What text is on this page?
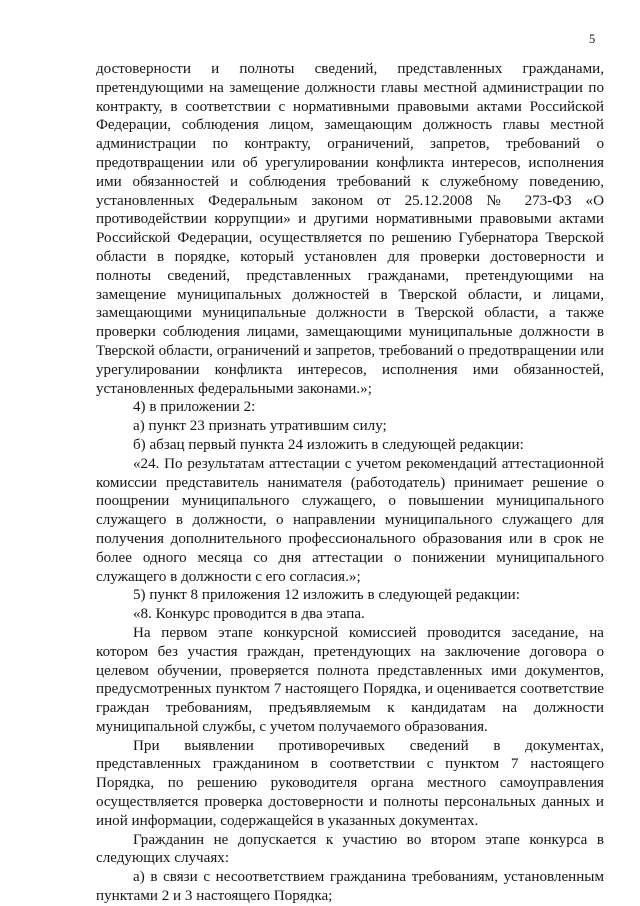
5

достоверности и полноты сведений, представленных гражданами, претендующими на замещение должности главы местной администрации по контракту, в соответствии с нормативными правовыми актами Российской Федерации, соблюдения лицом, замещающим должность главы местной администрации по контракту, ограничений, запретов, требований о предотвращении или об урегулировании конфликта интересов, исполнения ими обязанностей и соблюдения требований к служебному поведению, установленных Федеральным законом от 25.12.2008 № 273-ФЗ «О противодействии коррупции» и другими нормативными правовыми актами Российской Федерации, осуществляется по решению Губернатора Тверской области в порядке, который установлен для проверки достоверности и полноты сведений, представленных гражданами, претендующими на замещение муниципальных должностей в Тверской области, и лицами, замещающими муниципальные должности в Тверской области, а также проверки соблюдения лицами, замещающими муниципальные должности в Тверской области, ограничений и запретов, требований о предотвращении или урегулировании конфликта интересов, исполнения ими обязанностей, установленных федеральными законами.»;

4) в приложении 2:

а) пункт 23 признать утратившим силу;

б) абзац первый пункта 24 изложить в следующей редакции:

«24. По результатам аттестации с учетом рекомендаций аттестационной комиссии представитель нанимателя (работодатель) принимает решение о поощрении муниципального служащего, о повышении муниципального служащего в должности, о направлении муниципального служащего для получения дополнительного профессионального образования или в срок не более одного месяца со дня аттестации о понижении муниципального служащего в должности с его согласия.»;

5) пункт 8 приложения 12 изложить в следующей редакции:

«8. Конкурс проводится в два этапа.

На первом этапе конкурсной комиссией проводится заседание, на котором без участия граждан, претендующих на заключение договора о целевом обучении, проверяется полнота представленных ими документов, предусмотренных пунктом 7 настоящего Порядка, и оценивается соответствие граждан требованиям, предъявляемым к кандидатам на должности муниципальной службы, с учетом получаемого образования.

При выявлении противоречивых сведений в документах, представленных гражданином в соответствии с пунктом 7 настоящего Порядка, по решению руководителя органа местного самоуправления осуществляется проверка достоверности и полноты персональных данных и иной информации, содержащейся в указанных документах.

Гражданин не допускается к участию во втором этапе конкурса в следующих случаях:

а) в связи с несоответствием гражданина требованиям, установленным пунктами 2 и 3 настоящего Порядка;
